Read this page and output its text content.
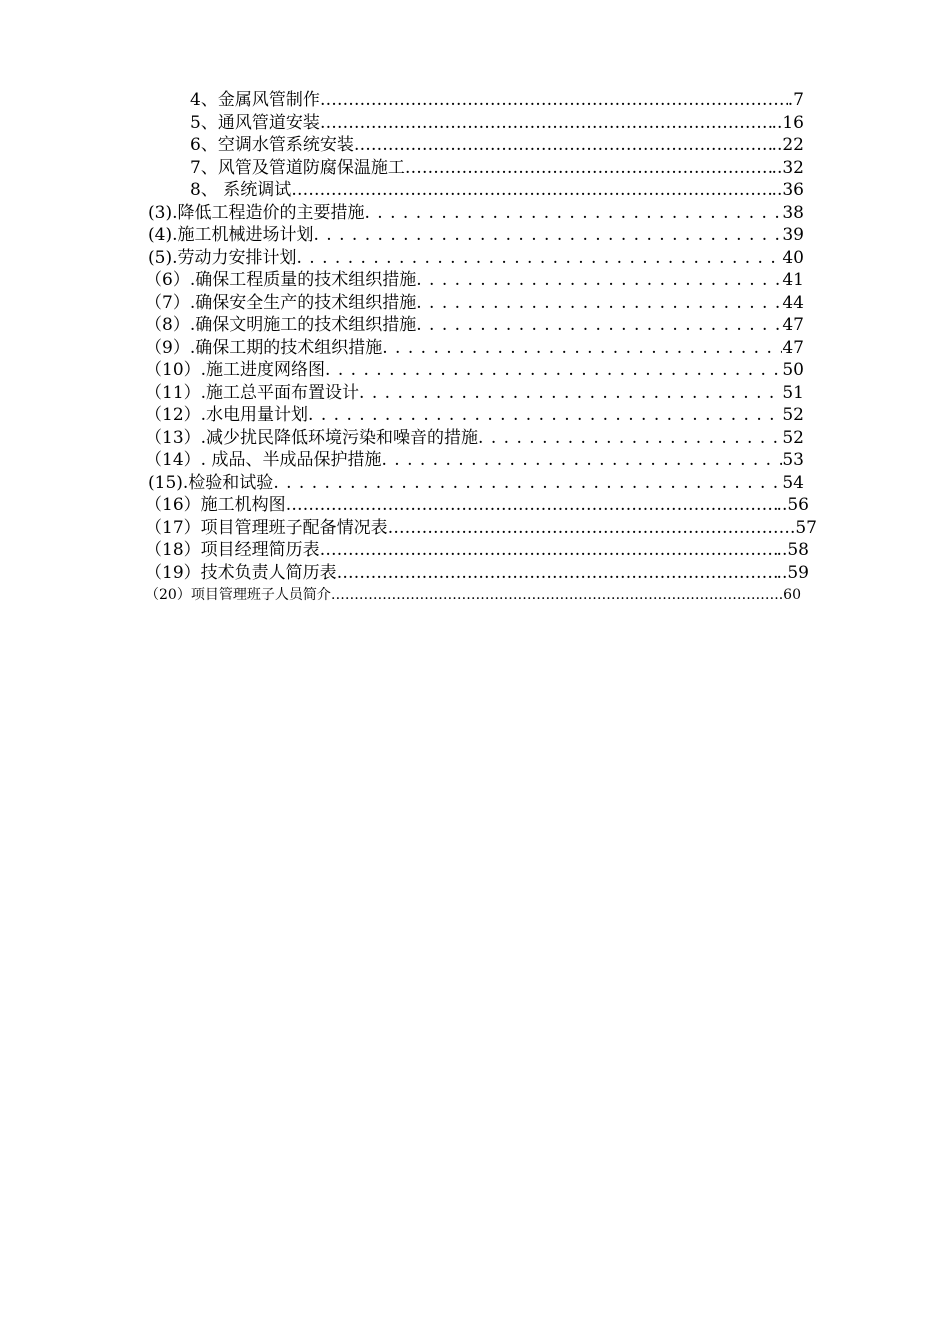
4、金属风管制作 ……………………………………………………………………………………………………………………………………………………………………	.7
5、通风管道安装 ……………………………………………………………………………………………………………………………………………………………………	..16
6、空调水管系统安装 ……………………………………………………………………………………………………………………………………………………………………	..22
7、风管及管道防腐保温施工 ……………………………………………………………………………………………………………………………………………………………………	..32
8、 系统调试 ……………………………………………………………………………………………………………………………………………………………………	..36
(3).降低工程造价的主要措施 . . .	38
(4).施工机械进场计划 . . .	39
(5).劳动力安排计划 . . .	40
（6）.确保工程质量的技术组织措施 . . .	41
（7）.确保安全生产的技术组织措施 . . .	44
（8）.确保文明施工的技术组织措施 . . .	47
（9）.确保工期的技术组织措施 . . .	47
（10）.施工进度网络图 . . .	50
（11）.施工总平面布置设计 . . .	51
（12）.水电用量计划 . . .	52
（13）.减少扰民降低环境污染和噪音的措施 . . .	52
（14）. 成品、半成品保护措施 . . .	53
(15).检验和试验 . . .	54
（16）施工机构图 ……………………………………………………………………………………………………………………………………………………………………	..56
（17）项目管理班子配备情况表 ……………………………………………………………………………………………………………………………………………………………………	.57
（18）项目经理简历表 ……………………………………………………………………………………………………………………………………………………………………	..58
（19）技术负责人简历表 ……………………………………………………………………………………………………………………………………………………………………	..59
（20）项目管理班子人员简介 ……………………………………………………………………………………………………………………………………………………………………	..60
